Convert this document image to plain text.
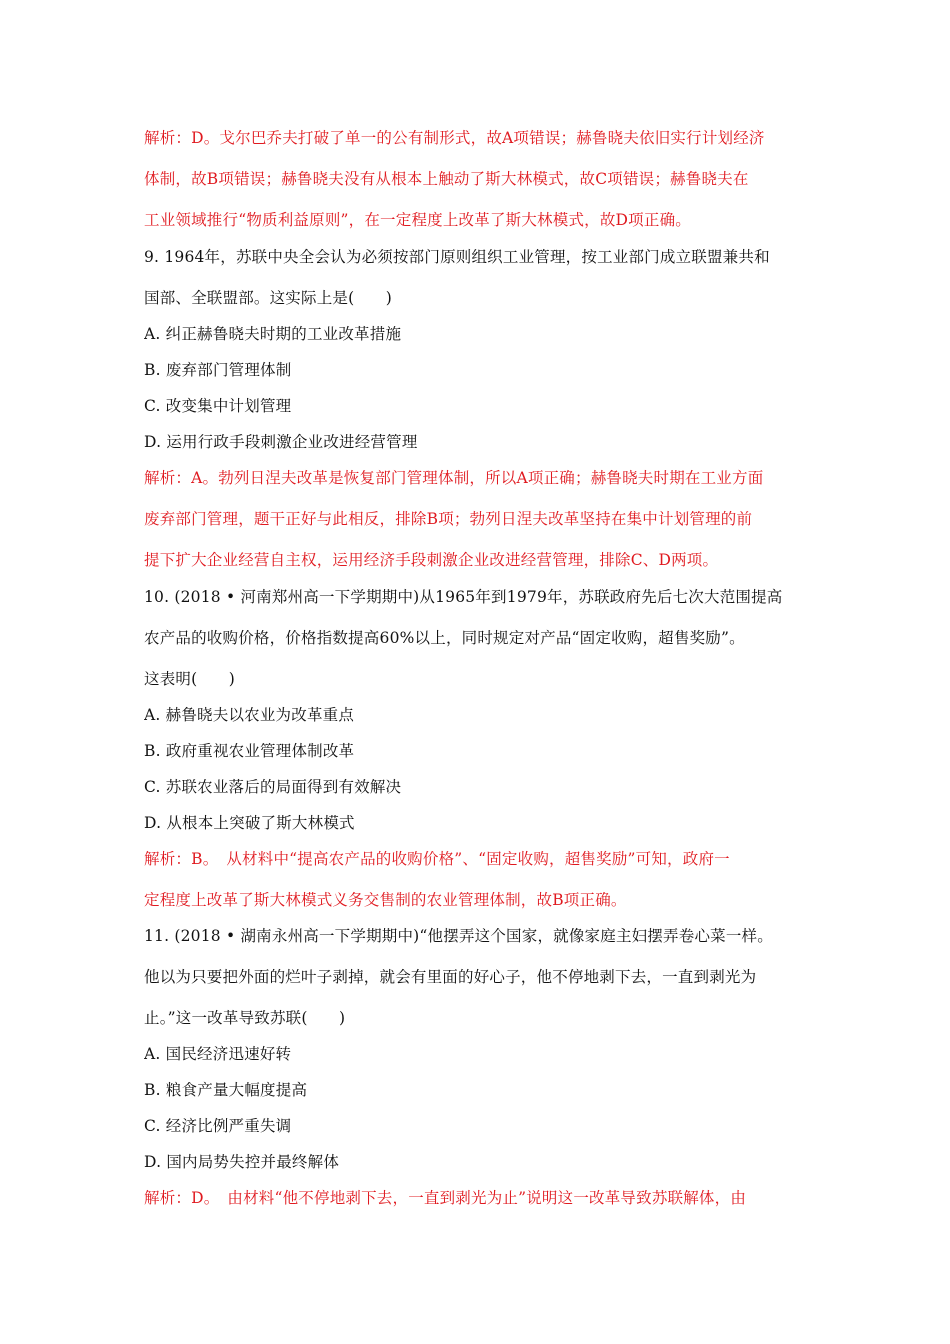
解析：D。戈尔巴乔夫打破了单一的公有制形式，故A项错误；赫鲁晓夫依旧实行计划经济
体制，故B项错误；赫鲁晓夫没有从根本上触动了斯大林模式，故C项错误；赫鲁晓夫在
工业领域推行“物质利益原则”，在一定程度上改革了斯大林模式，故D项正确。
9. 1964年，苏联中央全会认为必须按部门原则组织工业管理，按工业部门成立联盟兼共和
国部、全联盟部。这实际上是(　　)
A. 纠正赫鲁晓夫时期的工业改革措施
B. 废弃部门管理体制
C. 改变集中计划管理
D. 运用行政手段刺激企业改进经营管理
解析：A。勃列日涅夫改革是恢复部门管理体制，所以A项正确；赫鲁晓夫时期在工业方面
废弃部门管理，题干正好与此相反，排除B项；勃列日涅夫改革坚持在集中计划管理的前
提下扩大企业经营自主权，运用经济手段刺激企业改进经营管理，排除C、D两项。
10. (2018 • 河南郑州高一下学期期中)从1965年到1979年，苏联政府先后七次大范围提高
农产品的收购价格，价格指数提高60%以上，同时规定对产品“固定收购，超售奖励”。
这表明(　　)
A. 赫鲁晓夫以农业为改革重点
B. 政府重视农业管理体制改革
C. 苏联农业落后的局面得到有效解决
D. 从根本上突破了斯大林模式
解析：B。　从材料中“提高农产品的收购价格”、“固定收购，超售奖励”可知，政府一
定程度上改革了斯大林模式义务交售制的农业管理体制，故B项正确。
11. (2018 • 湖南永州高一下学期期中)“他摆弄这个国家，就像家庭主妇摆弄卷心菜一样。
他以为只要把外面的烂叶子剥掉，就会有里面的好心子，他不停地剥下去，一直到剥光为
止。”这一改革导致苏联(　　)
A. 国民经济迅速好转
B. 粮食产量大幅度提高
C. 经济比例严重失调
D. 国内局势失控并最终解体
解析：D。　由材料“他不停地剥下去，一直到剥光为止”说明这一改革导致苏联解体，由
